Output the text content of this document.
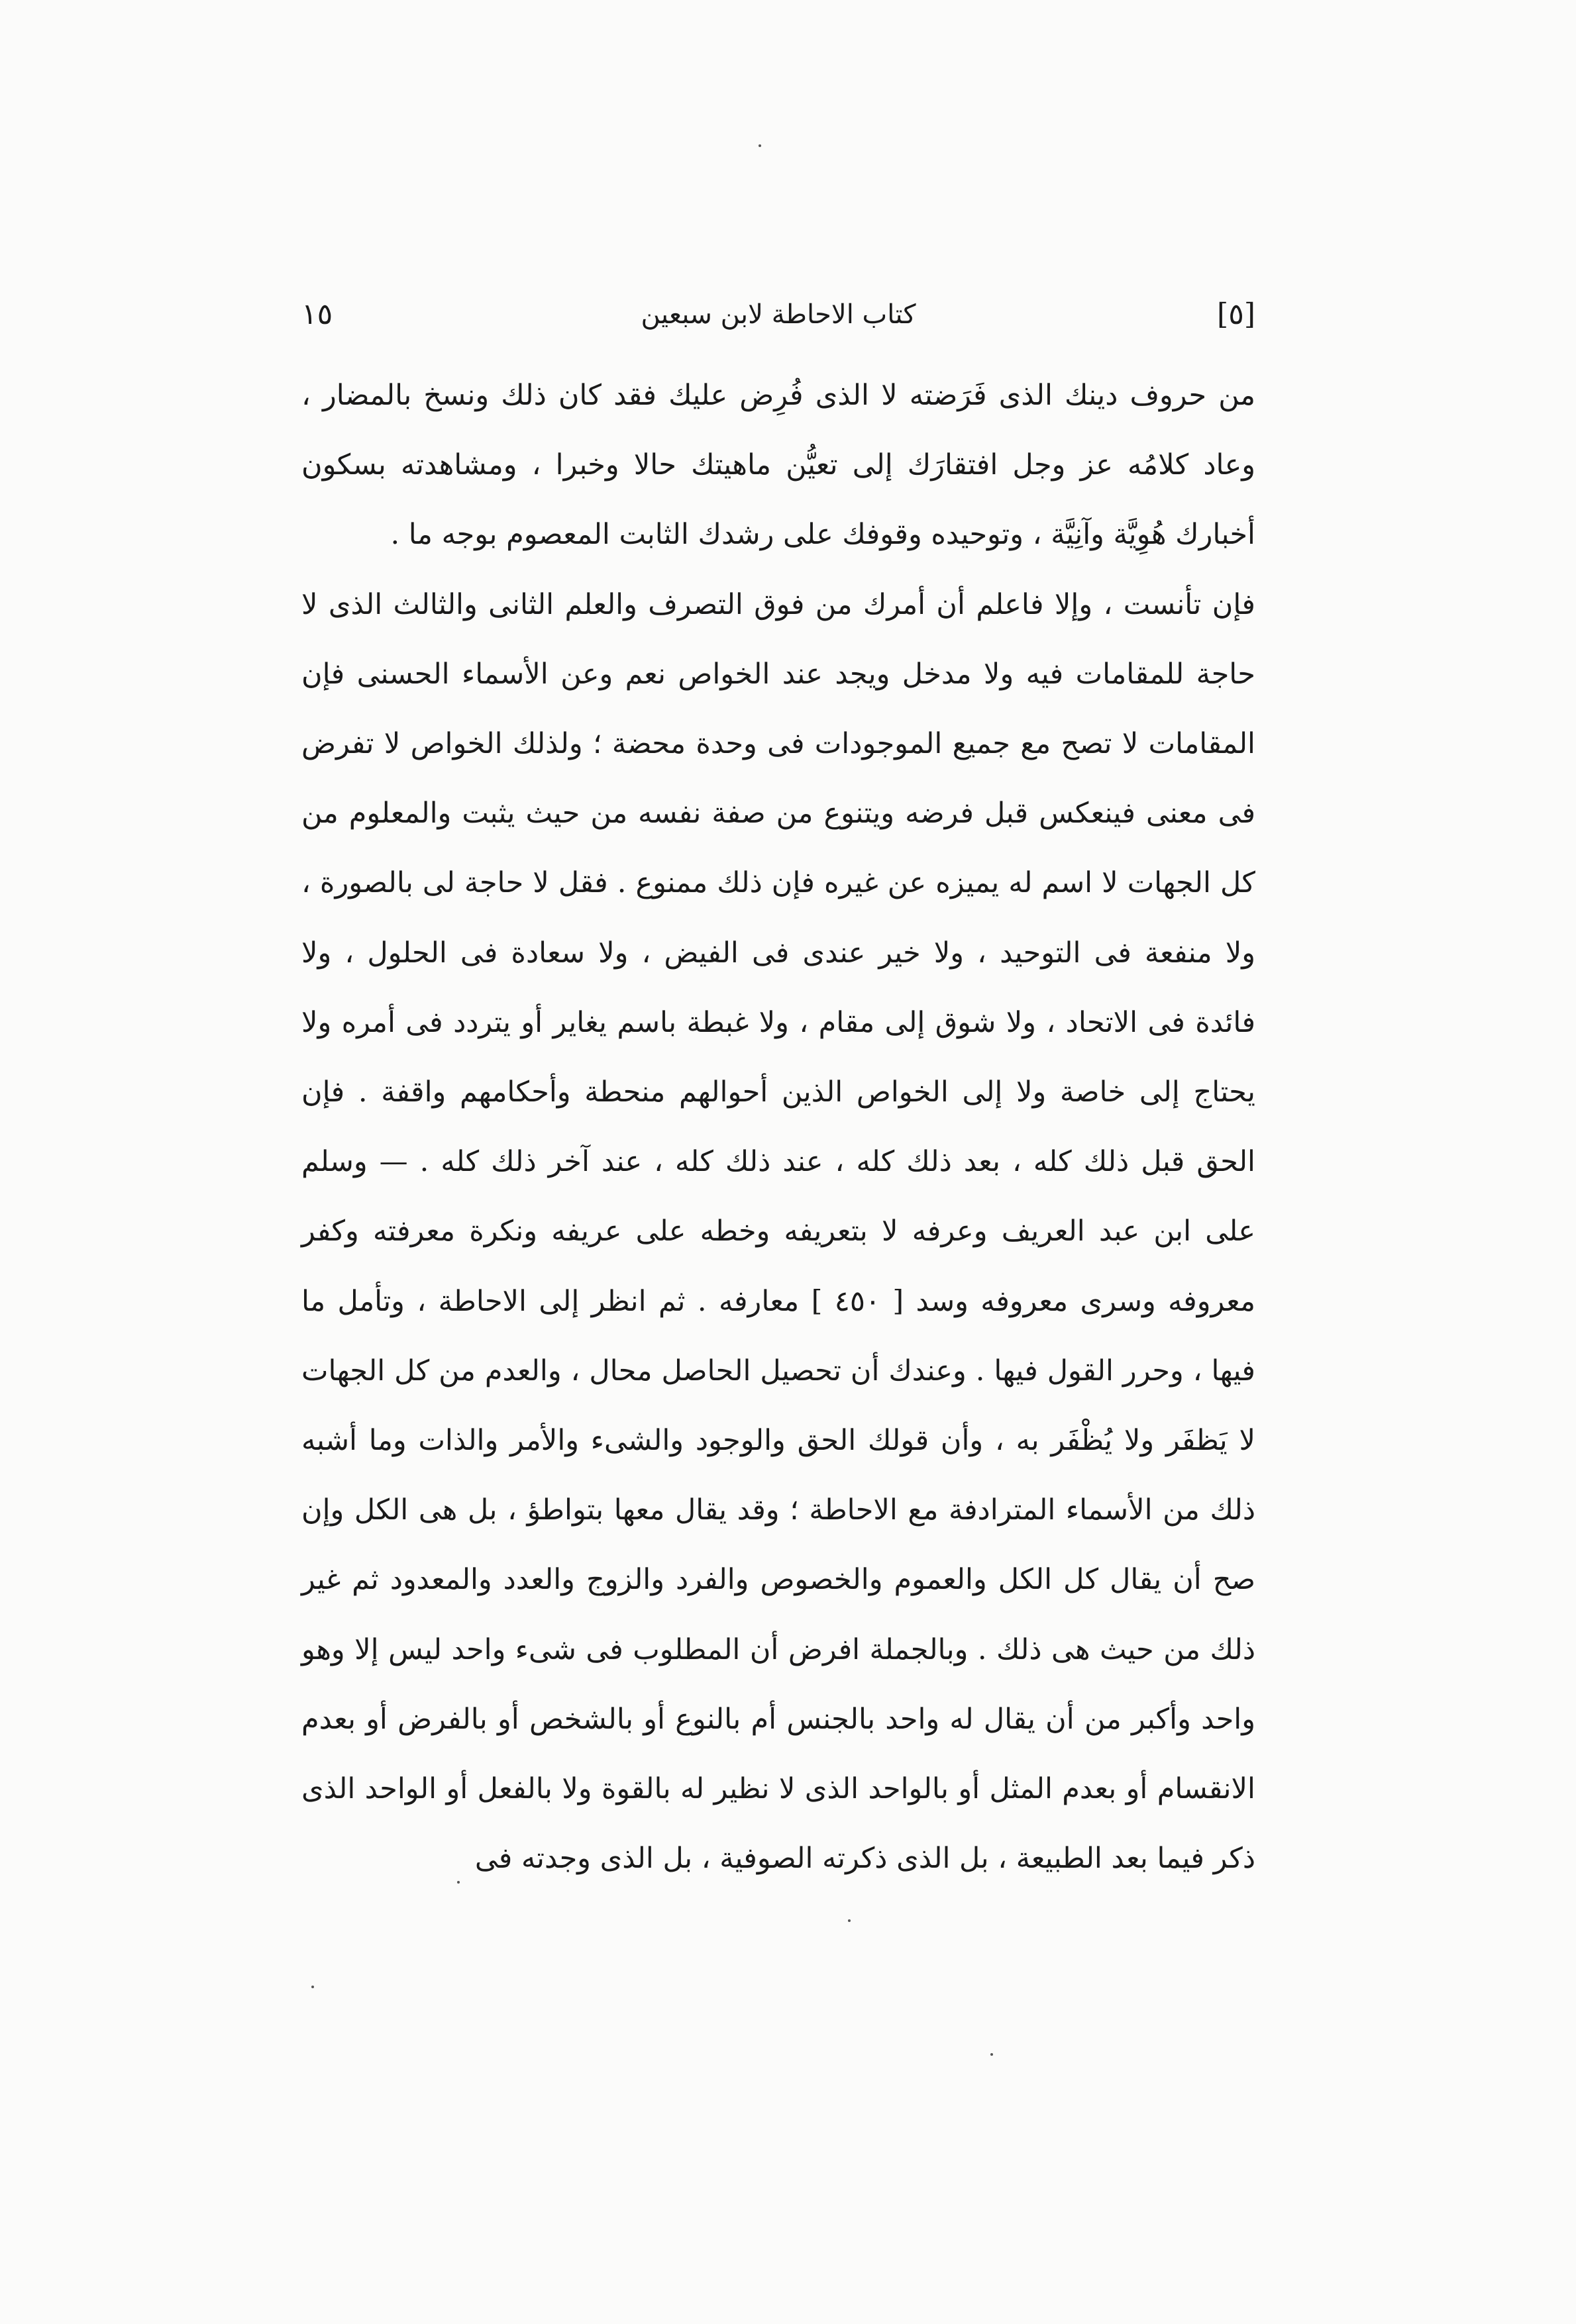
[٥]
كتاب الاحاطة لابن سبعين
١٥

من حروف دينك الذى فَرَضته لا الذى فُرِض عليك فقد كان ذلك ونسخ بالمضار ، وعاد كلامُه عز وجل افتقارَك إلى تعيُّن ماهيتك حالا وخبرا ، ومشاهدته بسكون أخبارك هُوِيَّة وآنِيَّة ، وتوحيده وقوفك على رشدك الثابت المعصوم بوجه ما .

فإن تأنست ، وإلا فاعلم أن أمرك من فوق التصرف والعلم الثانى والثالث الذى لا حاجة للمقامات فيه ولا مدخل ويجد عند الخواص نعم وعن الأسماء الحسنى فإن المقامات لا تصح مع جميع الموجودات فى وحدة محضة ؛ ولذلك الخواص لا تفرض فى معنى فينعكس قبل فرضه ويتنوع من صفة نفسه من حيث يثبت والمعلوم من كل الجهات لا اسم له يميزه عن غيره فإن ذلك ممنوع . فقل لا حاجة لى بالصورة ، ولا منفعة فى التوحيد ، ولا خير عندى فى الفيض ، ولا سعادة فى الحلول ، ولا فائدة فى الاتحاد ، ولا شوق إلى مقام ، ولا غبطة باسم يغاير أو يتردد فى أمره ولا يحتاج إلى خاصة ولا إلى الخواص الذين أحوالهم منحطة وأحكامهم واقفة . فإن الحق قبل ذلك كله ، بعد ذلك كله ، عند ذلك كله ، عند آخر ذلك كله . — وسلم على ابن عبد العريف وعرفه لا بتعريفه وخطه على عريفه ونكرة معرفته وكفر معروفه وسرى معروفه وسد [ ٤٥٠ ] معارفه . ثم انظر إلى الاحاطة ، وتأمل ما فيها ، وحرر القول فيها . وعندك أن تحصيل الحاصل محال ، والعدم من كل الجهات لا يَظفَر ولا يُظْفَر به ، وأن قولك الحق والوجود والشىء والأمر والذات وما أشبه ذلك من الأسماء المترادفة مع الاحاطة ؛ وقد يقال معها بتواطؤ ، بل هى الكل وإن صح أن يقال كل الكل والعموم والخصوص والفرد والزوج والعدد والمعدود ثم غير ذلك من حيث هى ذلك . وبالجملة افرض أن المطلوب فى شىء واحد ليس إلا وهو واحد وأكبر من أن يقال له واحد بالجنس أم بالنوع أو بالشخص أو بالفرض أو بعدم الانقسام أو بعدم المثل أو بالواحد الذى لا نظير له بالقوة ولا بالفعل أو الواحد الذى ذكر فيما بعد الطبيعة ، بل الذى ذكرته الصوفية ، بل الذى وجدته فى
